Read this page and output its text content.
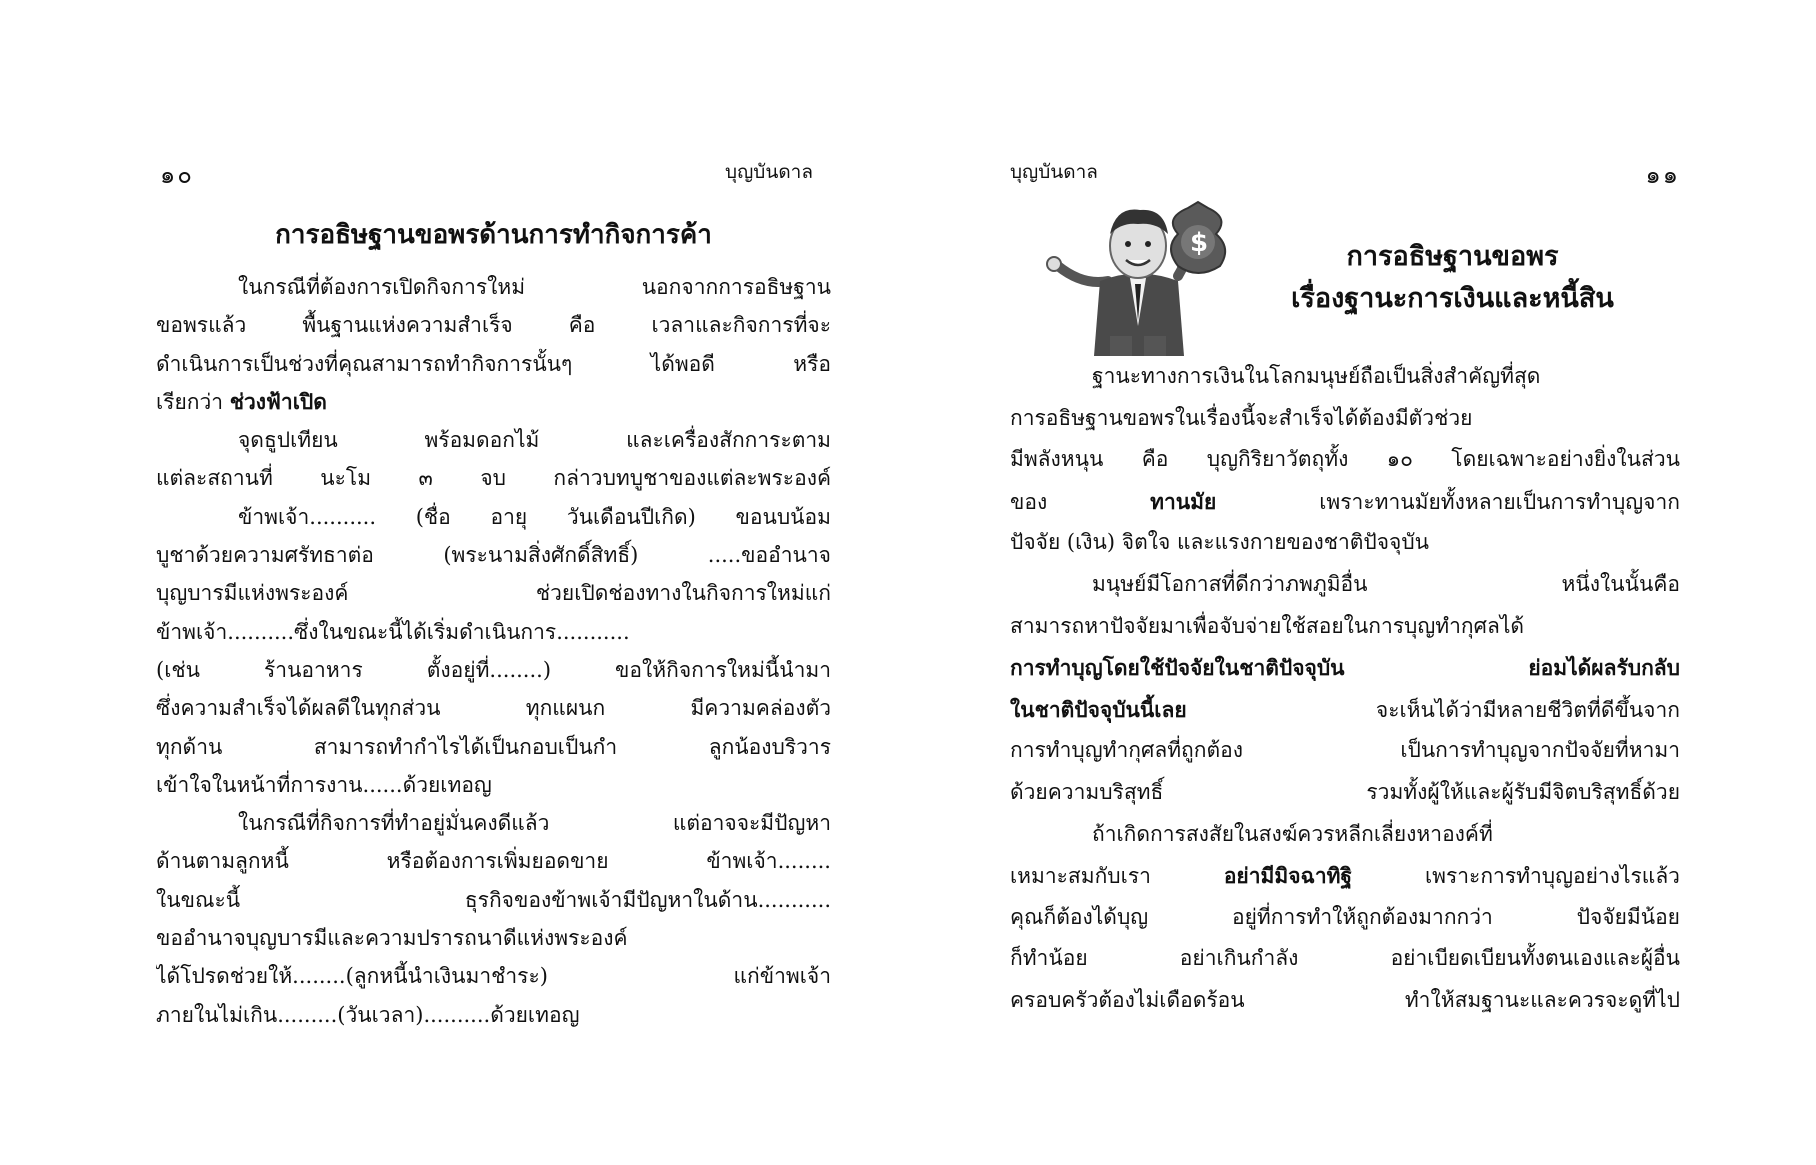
๑๐	บุญบันดาล
การอธิษฐานขอพรด้านการทำกิจการค้า
ในกรณีที่ต้องการเปิดกิจการใหม่ นอกจากการอธิษฐาน
ขอพรแล้ว พื้นฐานแห่งความสำเร็จ คือ เวลาและกิจการที่จะ
ดำเนินการเป็นช่วงที่คุณสามารถทำกิจการนั้นๆ ได้พอดี หรือ
เรียกว่า ช่วงฟ้าเปิด
จุดธูปเทียน พร้อมดอกไม้ และเครื่องสักการะตาม
แต่ละสถานที่ นะโม ๓ จบ กล่าวบทบูชาของแต่ละพระองค์
ข้าพเจ้า.......... (ชื่อ อายุ วันเดือนปีเกิด) ขอนบน้อม
บูชาด้วยความศรัทธาต่อ (พระนามสิ่งศักดิ์สิทธิ์) .....ขออำนาจ
บุญบารมีแห่งพระองค์ ช่วยเปิดช่องทางในกิจการใหม่แก่
ข้าพเจ้า..........ซึ่งในขณะนี้ได้เริ่มดำเนินการ...........
(เช่น ร้านอาหาร ตั้งอยู่ที่........) ขอให้กิจการใหม่นี้นำมา
ซึ่งความสำเร็จได้ผลดีในทุกส่วน ทุกแผนก มีความคล่องตัว
ทุกด้าน สามารถทำกำไรได้เป็นกอบเป็นกำ ลูกน้องบริวาร
เข้าใจในหน้าที่การงาน......ด้วยเทอญ
ในกรณีที่กิจการที่ทำอยู่มั่นคงดีแล้ว แต่อาจจะมีปัญหา
ด้านตามลูกหนี้ หรือต้องการเพิ่มยอดขาย ข้าพเจ้า........
ในขณะนี้ ธุรกิจของข้าพเจ้ามีปัญหาในด้าน...........
ขออำนาจบุญบารมีและความปรารถนาดีแห่งพระองค์
ได้โปรดช่วยให้........(ลูกหนี้นำเงินมาชำระ) แก่ข้าพเจ้า
ภายในไม่เกิน.........(วันเวลา)..........ด้วยเทอญ
บุญบันดาล	๑๑
$	การอธิษฐานขอพร
เรื่องฐานะการเงินและหนี้สิน
ฐานะทางการเงินในโลกมนุษย์ถือเป็นสิ่งสำคัญที่สุด
การอธิษฐานขอพรในเรื่องนี้จะสำเร็จได้ต้องมีตัวช่วย
มีพลังหนุน คือ บุญกิริยาวัตถุทั้ง ๑๐ โดยเฉพาะอย่างยิ่งในส่วน
ของ ทานมัย เพราะทานมัยทั้งหลายเป็นการทำบุญจาก
ปัจจัย (เงิน) จิตใจ และแรงกายของชาติปัจจุบัน
มนุษย์มีโอกาสที่ดีกว่าภพภูมิอื่น หนึ่งในนั้นคือ
สามารถหาปัจจัยมาเพื่อจับจ่ายใช้สอยในการบุญทำกุศลได้
การทำบุญโดยใช้ปัจจัยในชาติปัจจุบัน ย่อมได้ผลรับกลับ
ในชาติปัจจุบันนี้เลย จะเห็นได้ว่ามีหลายชีวิตที่ดีขึ้นจาก
การทำบุญทำกุศลที่ถูกต้อง เป็นการทำบุญจากปัจจัยที่หามา
ด้วยความบริสุทธิ์ รวมทั้งผู้ให้และผู้รับมีจิตบริสุทธิ์ด้วย
ถ้าเกิดการสงสัยในสงฆ์ควรหลีกเลี่ยงหาองค์ที่
เหมาะสมกับเรา อย่ามีมิจฉาทิฐิ เพราะการทำบุญอย่างไรแล้ว
คุณก็ต้องได้บุญ อยู่ที่การทำให้ถูกต้องมากกว่า ปัจจัยมีน้อย
ก็ทำน้อย อย่าเกินกำลัง อย่าเบียดเบียนทั้งตนเองและผู้อื่น
ครอบครัวต้องไม่เดือดร้อน ทำให้สมฐานะและควรจะดูที่ไป
